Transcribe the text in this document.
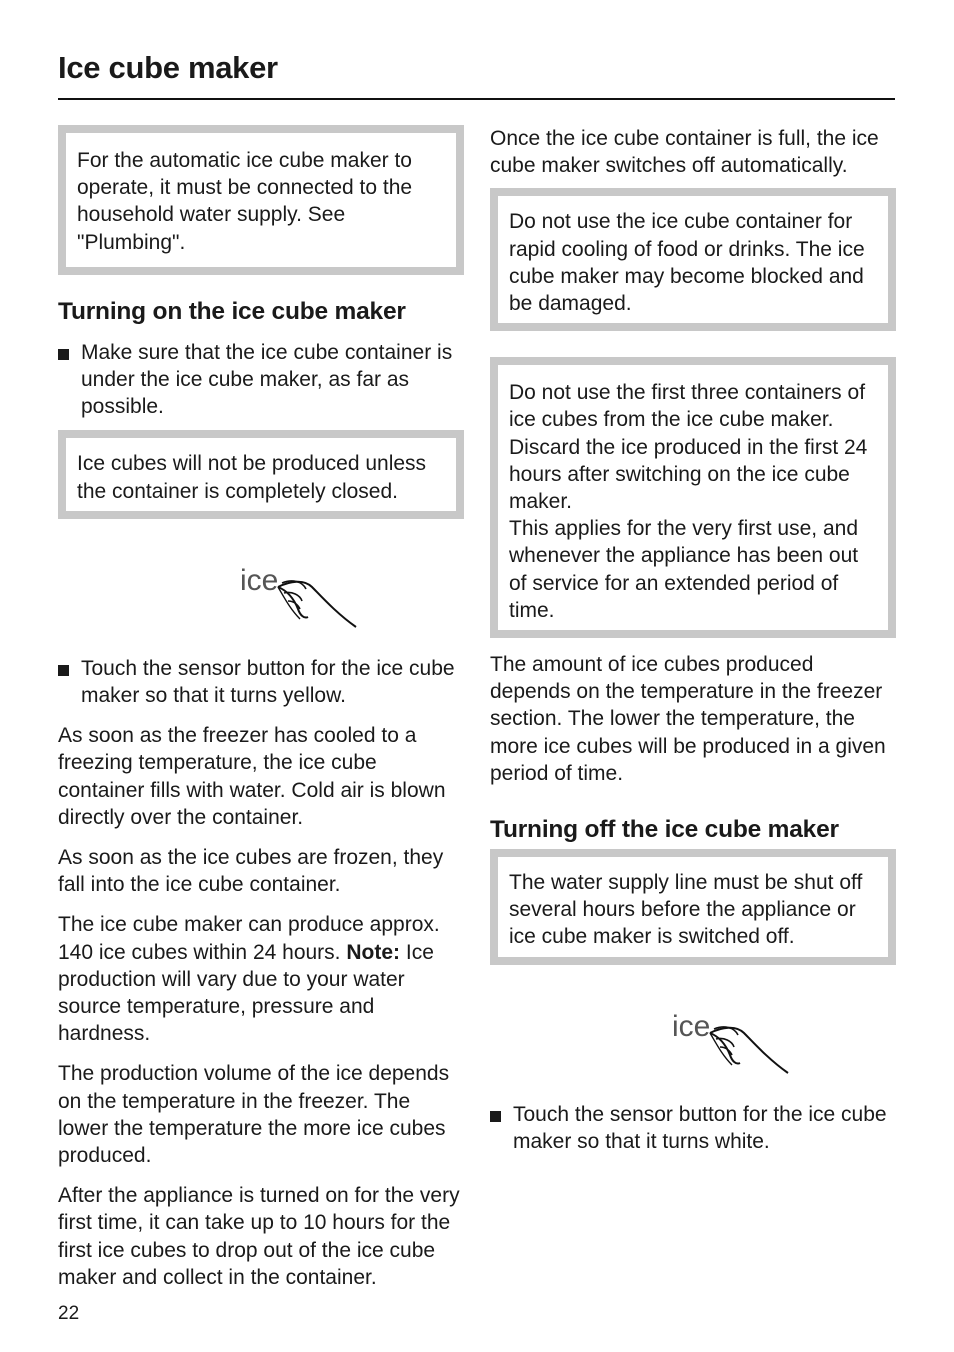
Ice cube maker

For the automatic ice cube maker to operate, it must be connected to the household water supply. See "Plumbing".

Turning on the ice cube maker

Make sure that the ice cube container is under the ice cube maker, as far as possible.

Ice cubes will not be produced unless the container is completely closed.

ice

Touch the sensor button for the ice cube maker so that it turns yellow.

As soon as the freezer has cooled to a freezing temperature, the ice cube container fills with water. Cold air is blown directly over the container.

As soon as the ice cubes are frozen, they fall into the ice cube container.

The ice cube maker can produce approx. 140 ice cubes within 24 hours. Note: Ice production will vary due to your water source temperature, pressure and hardness.

The production volume of the ice depends on the temperature in the freezer. The lower the temperature the more ice cubes produced.

After the appliance is turned on for the very first time, it can take up to 10 hours for the first ice cubes to drop out of the ice cube maker and collect in the container.

Once the ice cube container is full, the ice cube maker switches off automatically.

Do not use the ice cube container for rapid cooling of food or drinks. The ice cube maker may become blocked and be damaged.

Do not use the first three containers of ice cubes from the ice cube maker.

Discard the ice produced in the first 24 hours after switching on the ice cube maker.

This applies for the very first use, and whenever the appliance has been out of service for an extended period of time.

The amount of ice cubes produced depends on the temperature in the freezer section. The lower the temperature, the more ice cubes will be produced in a given period of time.

Turning off the ice cube maker

The water supply line must be shut off several hours before the appliance or ice cube maker is switched off.

ice

Touch the sensor button for the ice cube maker so that it turns white.

22
